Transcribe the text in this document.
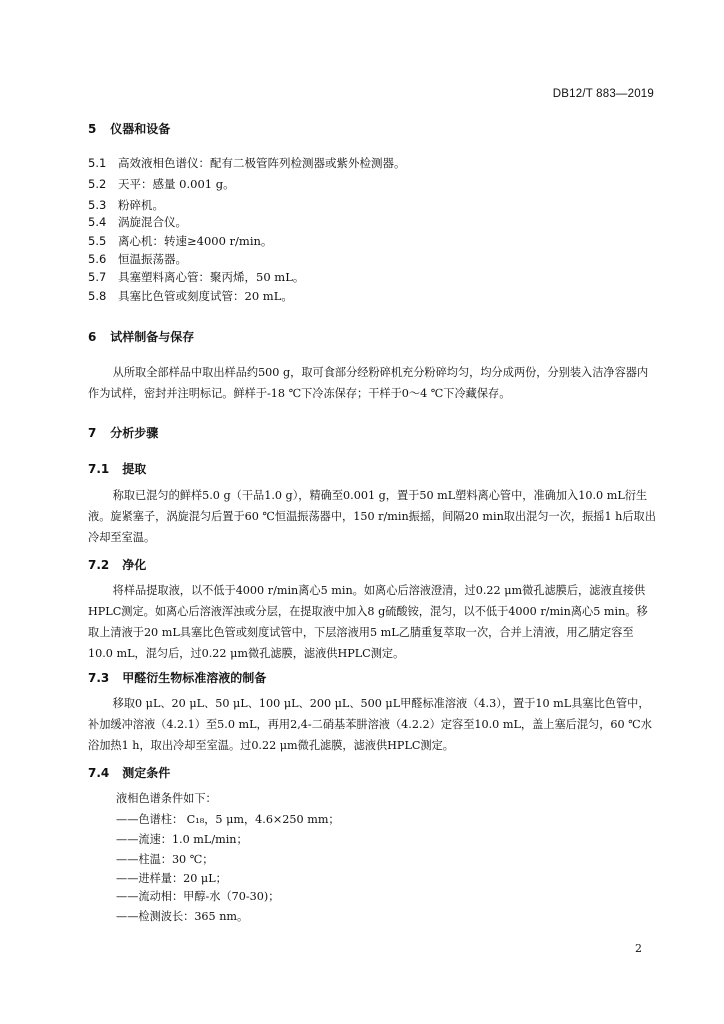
DB12/T 883—2019
5 仪器和设备
5.1 高效液相色谱仪：配有二极管阵列检测器或紫外检测器。
5.2 天平：感量 0.001 g。
5.3 粉碎机。
5.4 涡旋混合仪。
5.5 离心机：转速≥4000 r/min。
5.6 恒温振荡器。
5.7 具塞塑料离心管：聚丙烯，50 mL。
5.8 具塞比色管或刻度试管：20 mL。
6 试样制备与保存

从所取全部样品中取出样品约500 g，取可食部分经粉碎机充分粉碎均匀，均分成两份，分别装入洁净容器内作为试样，密封并注明标记。鲜样于-18 ℃下冷冻保存；干样于0～4 ℃下冷藏保存。

7 分析步骤
7.1 提取

称取已混匀的鲜样5.0 g（干品1.0 g），精确至0.001 g，置于50 mL塑料离心管中，准确加入10.0 mL衍生液。旋紧塞子，涡旋混匀后置于60 ℃恒温振荡器中，150 r/min振摇，间隔20 min取出混匀一次，振摇1 h后取出冷却至室温。

7.2 净化

将样品提取液，以不低于4000 r/min离心5 min。如离心后溶液澄清，过0.22 μm微孔滤膜后，滤液直接供HPLC测定。如离心后溶液浑浊或分层，在提取液中加入8 g硫酸铵，混匀，以不低于4000 r/min离心5 min。移取上清液于20 mL具塞比色管或刻度试管中，下层溶液用5 mL乙腈重复萃取一次，合并上清液，用乙腈定容至10.0 mL，混匀后，过0.22 μm微孔滤膜，滤液供HPLC测定。

7.3 甲醛衍生物标准溶液的制备

移取0 μL、20 μL、50 μL、100 μL、200 μL、500 μL甲醛标准溶液（4.3），置于10 mL具塞比色管中，补加缓冲溶液（4.2.1）至5.0 mL，再用2,4-二硝基苯肼溶液（4.2.2）定容至10.0 mL，盖上塞后混匀，60 ℃水浴加热1 h，取出冷却至室温。过0.22 μm微孔滤膜，滤液供HPLC测定。

7.4 测定条件
液相色谱条件如下：
——色谱柱： C₁₈，5 μm，4.6×250 mm；
——流速：1.0 mL/min；
——柱温：30 ℃；
——进样量：20 μL；
——流动相：甲醇-水（70-30)；
——检测波长：365 nm。
2
